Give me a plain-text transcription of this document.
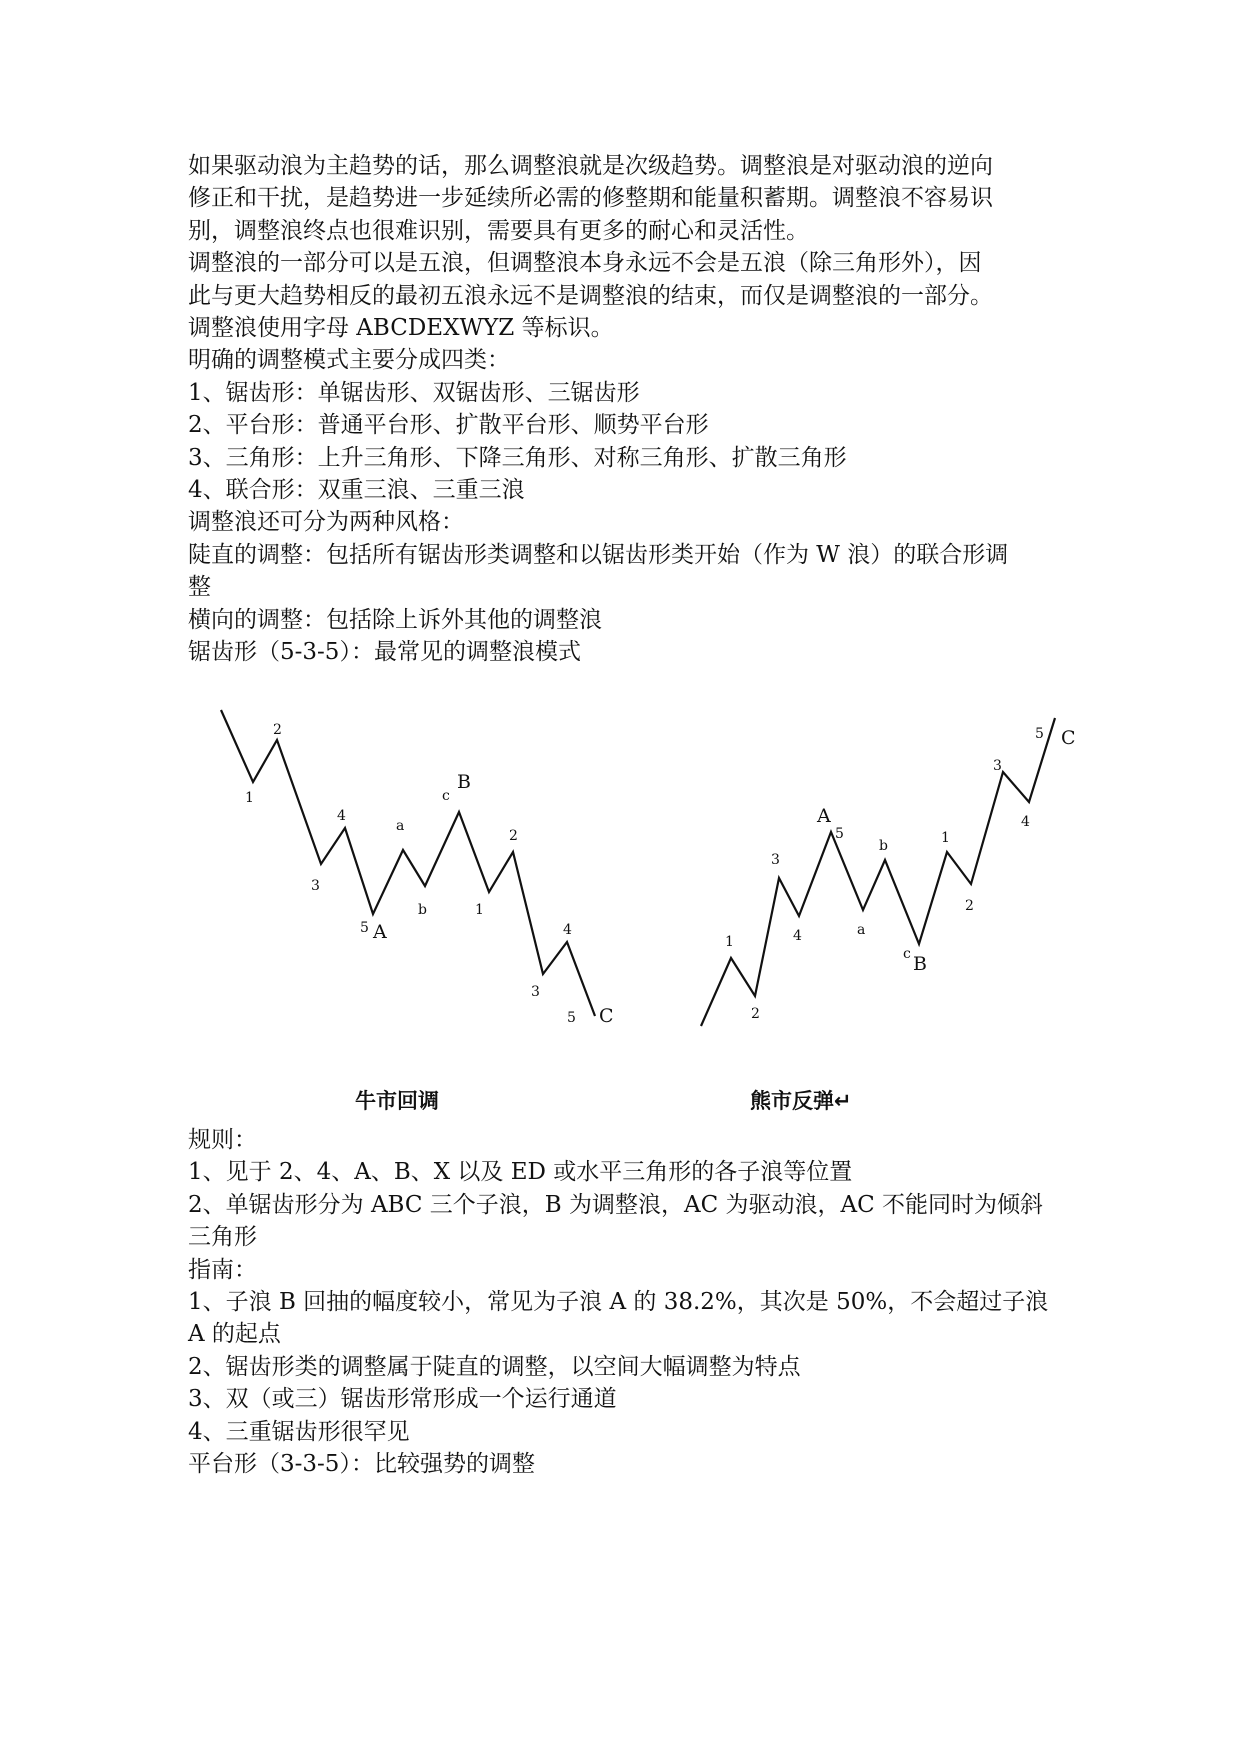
如果驱动浪为主趋势的话，那么调整浪就是次级趋势。调整浪是对驱动浪的逆向

修正和干扰，是趋势进一步延续所必需的修整期和能量积蓄期。调整浪不容易识

别，调整浪终点也很难识别，需要具有更多的耐心和灵活性。

调整浪的一部分可以是五浪，但调整浪本身永远不会是五浪（除三角形外），因

此与更大趋势相反的最初五浪永远不是调整浪的结束，而仅是调整浪的一部分。

调整浪使用字母 ABCDEXWYZ 等标识。

明确的调整模式主要分成四类：

1、锯齿形：单锯齿形、双锯齿形、三锯齿形

2、平台形：普通平台形、扩散平台形、顺势平台形

3、三角形：上升三角形、下降三角形、对称三角形、扩散三角形

4、联合形：双重三浪、三重三浪

调整浪还可分为两种风格：

陡直的调整：包括所有锯齿形类调整和以锯齿形类开始（作为 W 浪）的联合形调

整

横向的调整：包括除上诉外其他的调整浪

锯齿形（5-3-5）：最常见的调整浪模式

1
2
3
4
5 A
a
b
c
B
1
2
3
4
5 C
1
2
3
4
A
5
a
b
c B
1
2
3
4
5 C
牛市回调	熊市反弹↵

规则：

1、见于 2、4、A、B、X 以及 ED 或水平三角形的各子浪等位置

2、单锯齿形分为 ABC 三个子浪，B 为调整浪，AC 为驱动浪，AC 不能同时为倾斜

三角形

指南：

1、子浪 B 回抽的幅度较小，常见为子浪 A 的 38.2%，其次是 50%，不会超过子浪

A 的起点

2、锯齿形类的调整属于陡直的调整，以空间大幅调整为特点

3、双（或三）锯齿形常形成一个运行通道

4、三重锯齿形很罕见

平台形（3-3-5）：比较强势的调整
